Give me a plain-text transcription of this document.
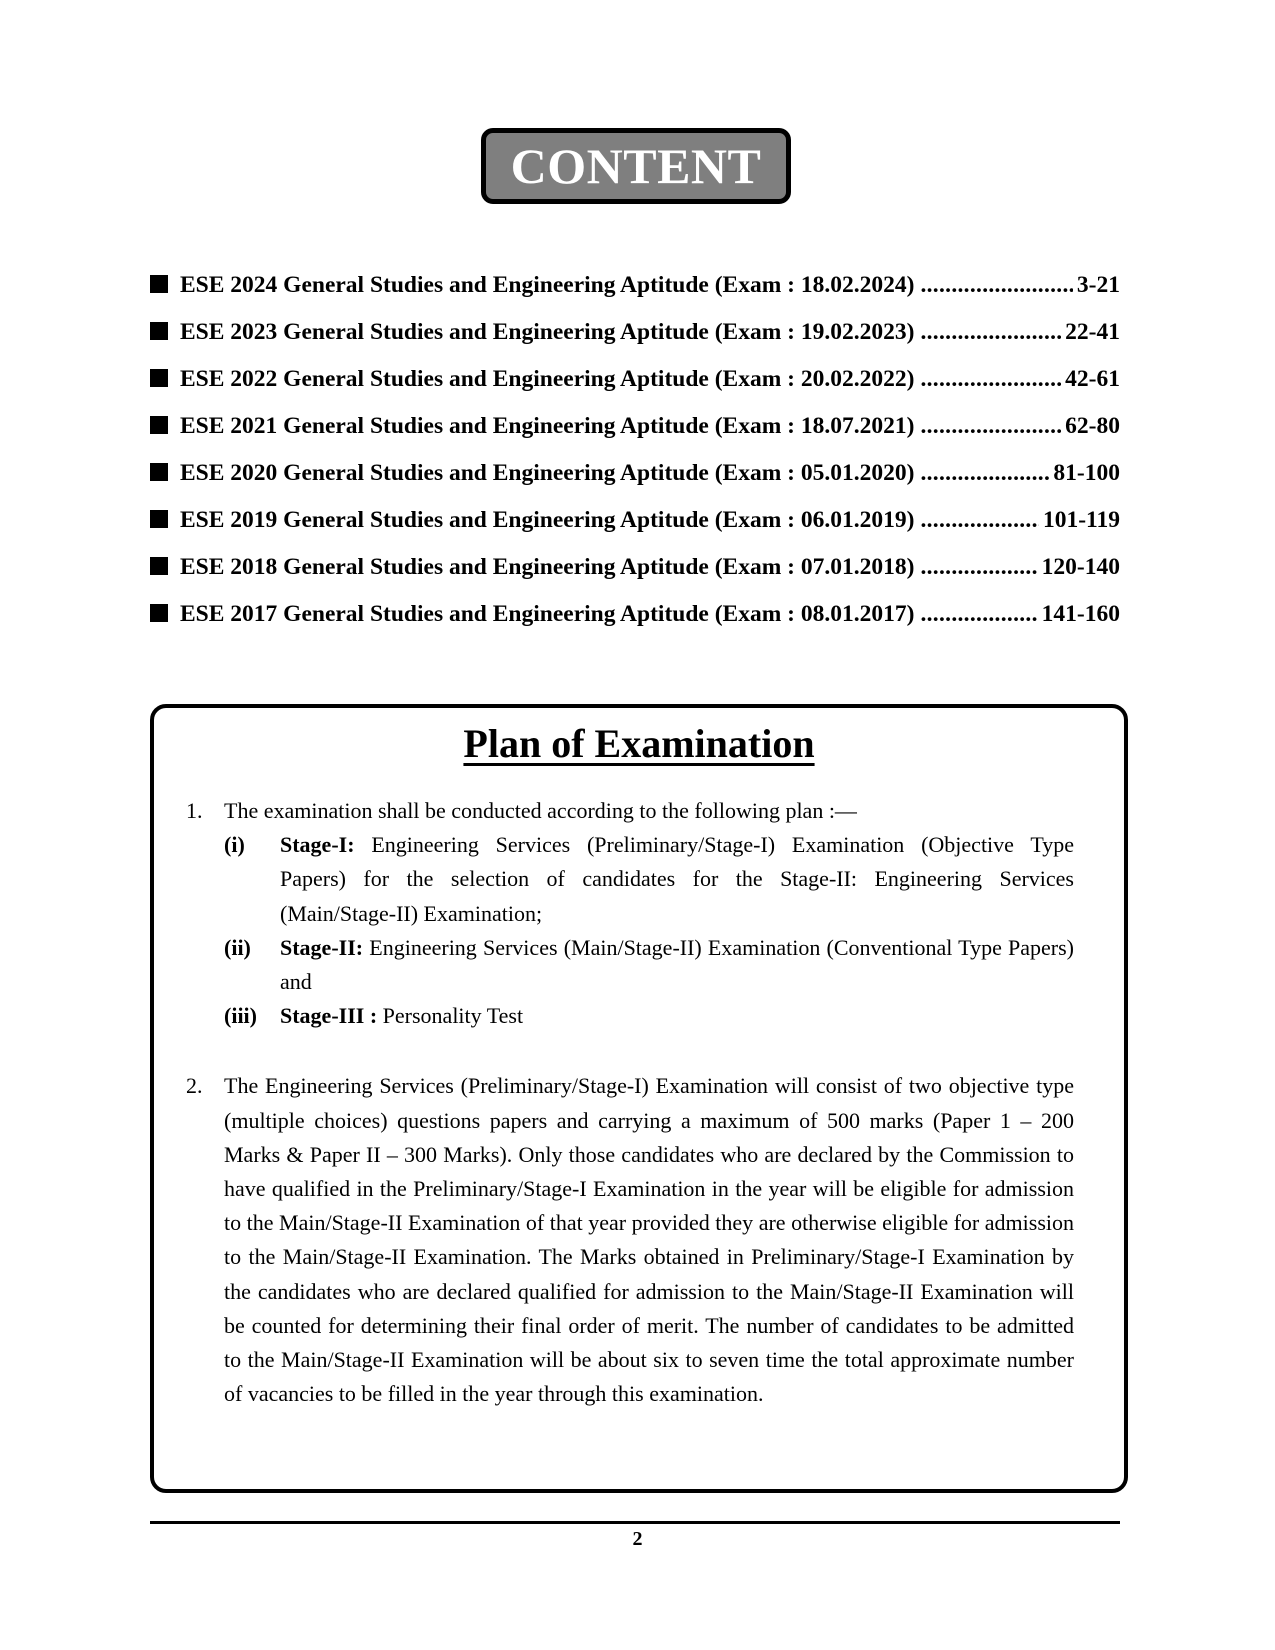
CONTENT
ESE 2024 General Studies and Engineering Aptitude (Exam : 18.02.2024) .....	3-21
ESE 2023 General Studies and Engineering Aptitude (Exam : 19.02.2023) .....	22-41
ESE 2022 General Studies and Engineering Aptitude (Exam : 20.02.2022) .....	42-61
ESE 2021 General Studies and Engineering Aptitude (Exam : 18.07.2021) .....	62-80
ESE 2020 General Studies and Engineering Aptitude (Exam : 05.01.2020) .....	81-100
ESE 2019 General Studies and Engineering Aptitude (Exam : 06.01.2019) .....	101-119
ESE 2018 General Studies and Engineering Aptitude (Exam : 07.01.2018) .....	120-140
ESE 2017 General Studies and Engineering Aptitude (Exam : 08.01.2017) .....	141-160
Plan of Examination
1. The examination shall be conducted according to the following plan :—
(i)	Stage-I: Engineering Services (Preliminary/Stage-I) Examination (Objective Type Papers) for the selection of candidates for the Stage-II: Engineering Services (Main/Stage-II) Examination;
(ii)	Stage-II: Engineering Services (Main/Stage-II) Examination (Conventional Type Papers) and
(iii)	Stage-III : Personality Test
2. The Engineering Services (Preliminary/Stage-I) Examination will consist of two objective type (multiple choices) questions papers and carrying a maximum of 500 marks (Paper 1 – 200 Marks & Paper II – 300 Marks). Only those candidates who are declared by the Commission to have qualified in the Preliminary/Stage-I Examination in the year will be eligible for admission to the Main/Stage-II Examination of that year provided they are otherwise eligible for admission to the Main/Stage-II Examination. The Marks obtained in Preliminary/Stage-I Examination by the candidates who are declared qualified for admission to the Main/Stage-II Examination will be counted for determining their final order of merit. The number of candidates to be admitted to the Main/Stage-II Examination will be about six to seven time the total approximate number of vacancies to be filled in the year through this examination.
2
